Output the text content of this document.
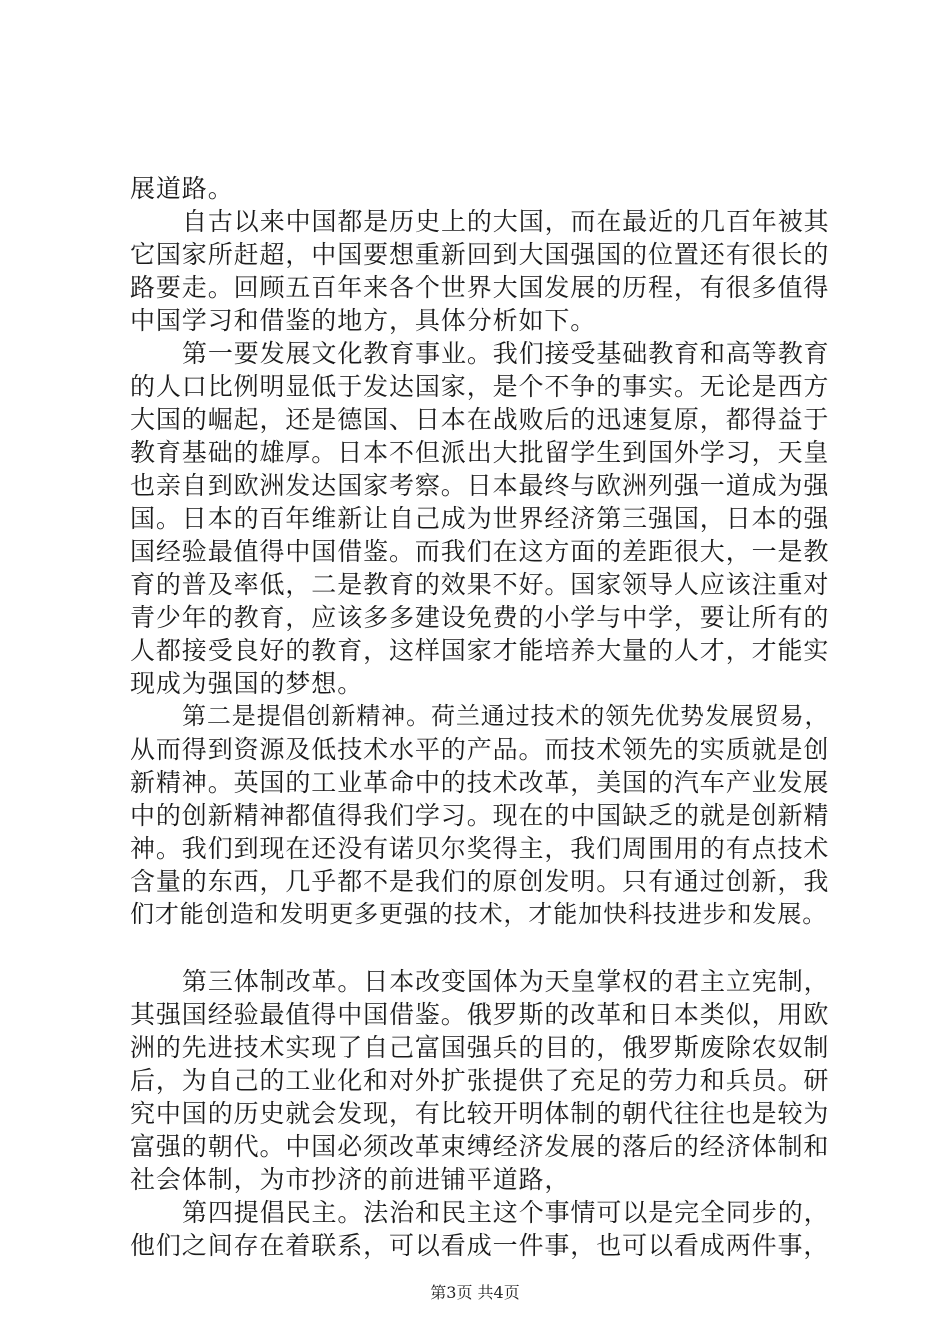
展道路。
自古以来中国都是历史上的大国，而在最近的几百年被其
它国家所赶超，中国要想重新回到大国强国的位置还有很长的
路要走。回顾五百年来各个世界大国发展的历程，有很多值得
中国学习和借鉴的地方，具体分析如下。
第一要发展文化教育事业。我们接受基础教育和高等教育
的人口比例明显低于发达国家，是个不争的事实。无论是西方
大国的崛起，还是德国、日本在战败后的迅速复原，都得益于
教育基础的雄厚。日本不但派出大批留学生到国外学习，天皇
也亲自到欧洲发达国家考察。日本最终与欧洲列强一道成为强
国。日本的百年维新让自己成为世界经济第三强国，日本的强
国经验最值得中国借鉴。而我们在这方面的差距很大，一是教
育的普及率低，二是教育的效果不好。国家领导人应该注重对
青少年的教育，应该多多建设免费的小学与中学，要让所有的
人都接受良好的教育，这样国家才能培养大量的人才，才能实
现成为强国的梦想。
第二是提倡创新精神。荷兰通过技术的领先优势发展贸易，
从而得到资源及低技术水平的产品。而技术领先的实质就是创
新精神。英国的工业革命中的技术改革，美国的汽车产业发展
中的创新精神都值得我们学习。现在的中国缺乏的就是创新精
神。我们到现在还没有诺贝尔奖得主，我们周围用的有点技术
含量的东西，几乎都不是我们的原创发明。只有通过创新，我
们才能创造和发明更多更强的技术，才能加快科技进步和发展。
第三体制改革。日本改变国体为天皇掌权的君主立宪制，
其强国经验最值得中国借鉴。俄罗斯的改革和日本类似，用欧
洲的先进技术实现了自己富国强兵的目的，俄罗斯废除农奴制
后，为自己的工业化和对外扩张提供了充足的劳力和兵员。研
究中国的历史就会发现，有比较开明体制的朝代往往也是较为
富强的朝代。中国必须改革束缚经济发展的落后的经济体制和
社会体制，为市抄济的前进铺平道路，
第四提倡民主。法治和民主这个事情可以是完全同步的，
他们之间存在着联系，可以看成一件事，也可以看成两件事，
第3页 共4页
